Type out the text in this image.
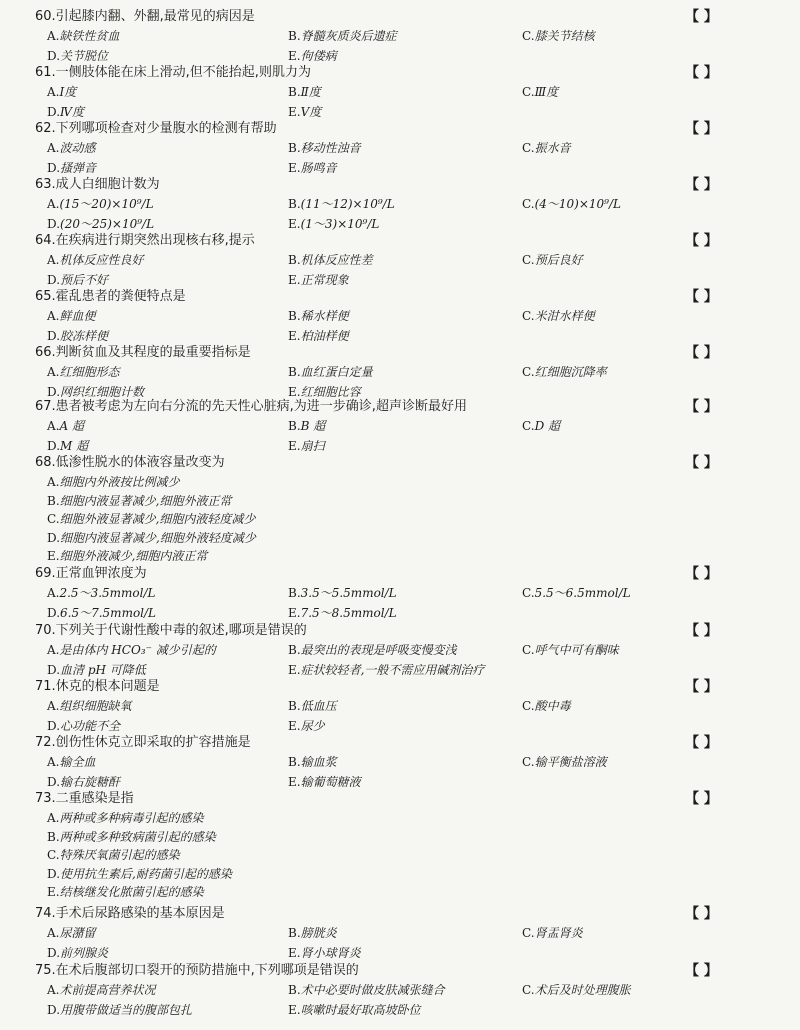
60.引起膝内翻、外翻,最常见的病因是	【 】
A.缺铁性贫血	B.脊髓灰质炎后遗症	C.膝关节结核
D.关节脱位	E.佝偻病
61.一侧肢体能在床上滑动,但不能抬起,则肌力为	【 】
A.Ⅰ度	B.Ⅱ度	C.Ⅲ度
D.Ⅳ度	E.Ⅴ度
62.下列哪项检查对少量腹水的检测有帮助	【 】
A.波动感	B.移动性浊音	C.振水音
D.搔弹音	E.肠鸣音
63.成人白细胞计数为	【 】
A.(15～20)×10⁹/L	B.(11～12)×10⁹/L	C.(4～10)×10⁹/L
D.(20～25)×10⁹/L	E.(1～3)×10⁹/L
64.在疾病进行期突然出现核右移,提示	【 】
A.机体反应性良好	B.机体反应性差	C.预后良好
D.预后不好	E.正常现象
65.霍乱患者的粪便特点是	【 】
A.鲜血便	B.稀水样便	C.米泔水样便
D.胶冻样便	E.柏油样便
66.判断贫血及其程度的最重要指标是	【 】
A.红细胞形态	B.血红蛋白定量	C.红细胞沉降率
D.网织红细胞计数	E.红细胞比容
67.患者被考虑为左向右分流的先天性心脏病,为进一步确诊,超声诊断最好用	【 】
A.A 超	B.B 超	C.D 超
D.M 超	E.扇扫
68.低渗性脱水的体液容量改变为	【 】
A.细胞内外液按比例减少
B.细胞内液显著减少,细胞外液正常
C.细胞外液显著减少,细胞内液轻度减少
D.细胞内液显著减少,细胞外液轻度减少
E.细胞外液减少,细胞内液正常
69.正常血钾浓度为	【 】
A.2.5～3.5mmol/L	B.3.5～5.5mmol/L	C.5.5～6.5mmol/L
D.6.5～7.5mmol/L	E.7.5～8.5mmol/L
70.下列关于代谢性酸中毒的叙述,哪项是错误的	【 】
A.是由体内 HCO₃⁻ 减少引起的	B.最突出的表现是呼吸变慢变浅	C.呼气中可有酮味
D.血清 pH 可降低	E.症状较轻者,一般不需应用碱剂治疗
71.休克的根本问题是	【 】
A.组织细胞缺氧	B.低血压	C.酸中毒
D.心功能不全	E.尿少
72.创伤性休克立即采取的扩容措施是	【 】
A.输全血	B.输血浆	C.输平衡盐溶液
D.输右旋糖酐	E.输葡萄糖液
73.二重感染是指	【 】
A.两种或多种病毒引起的感染
B.两种或多种致病菌引起的感染
C.特殊厌氧菌引起的感染
D.使用抗生素后,耐药菌引起的感染
E.结核继发化脓菌引起的感染
74.手术后尿路感染的基本原因是	【 】
A.尿潴留	B.膀胱炎	C.肾盂肾炎
D.前列腺炎	E.肾小球肾炎
75.在术后腹部切口裂开的预防措施中,下列哪项是错误的	【 】
A.术前提高营养状况	B.术中必要时做皮肤减张缝合	C.术后及时处理腹胀
D.用腹带做适当的腹部包扎	E.咳嗽时最好取高坡卧位
